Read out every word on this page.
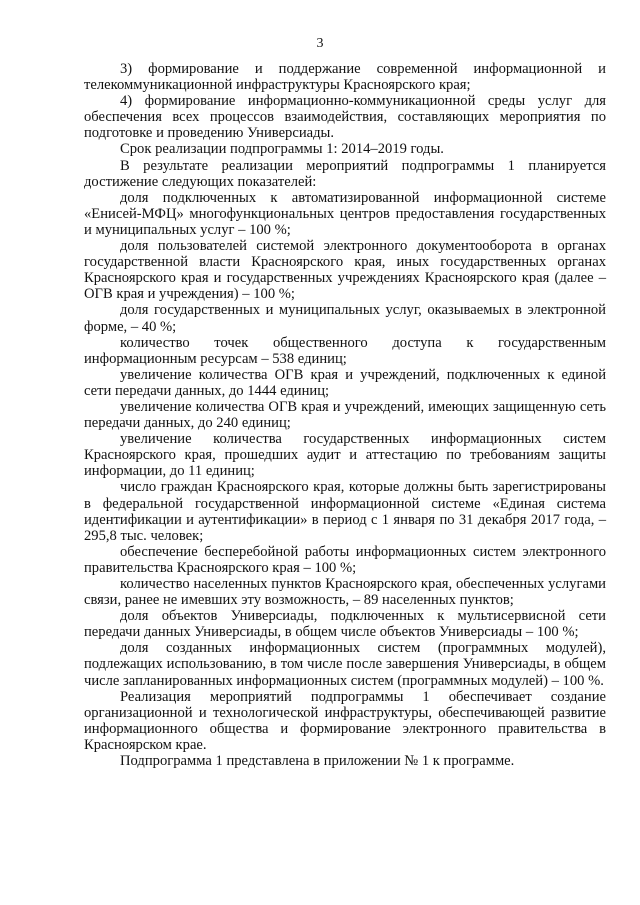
3

3) формирование и поддержание современной информационной и телекоммуникационной инфраструктуры Красноярского края;

4) формирование информационно-коммуникационной среды услуг для обеспечения всех процессов взаимодействия, составляющих мероприятия по подготовке и проведению Универсиады.

Срок реализации подпрограммы 1: 2014–2019 годы.

В результате реализации мероприятий подпрограммы 1 планируется достижение следующих показателей:

доля подключенных к автоматизированной информационной системе «Енисей-МФЦ» многофункциональных центров предоставления государственных и муниципальных услуг – 100 %;

доля пользователей системой электронного документооборота в органах государственной власти Красноярского края, иных государственных органах Красноярского края и государственных учреждениях Красноярского края (далее – ОГВ края и учреждения) – 100 %;

доля государственных и муниципальных услуг, оказываемых в электронной форме, – 40 %;

количество точек общественного доступа к государственным информационным ресурсам – 538 единиц;

увеличение количества ОГВ края и учреждений, подключенных к единой сети передачи данных, до 1444 единиц;

увеличение количества ОГВ края и учреждений, имеющих защищенную сеть передачи данных, до 240 единиц;

увеличение количества государственных информационных систем Красноярского края, прошедших аудит и аттестацию по требованиям защиты информации, до 11 единиц;

число граждан Красноярского края, которые должны быть зарегистрированы в федеральной государственной информационной системе «Единая система идентификации и аутентификации» в период с 1 января по 31 декабря 2017 года, – 295,8 тыс. человек;

обеспечение бесперебойной работы информационных систем электронного правительства Красноярского края – 100 %;

количество населенных пунктов Красноярского края, обеспеченных услугами связи, ранее не имевших эту возможность, – 89 населенных пунктов;

доля объектов Универсиады, подключенных к мультисервисной сети передачи данных Универсиады, в общем числе объектов Универсиады – 100 %;

доля созданных информационных систем (программных модулей), подлежащих использованию, в том числе после завершения Универсиады, в общем числе запланированных информационных систем (программных модулей) – 100 %.

Реализация мероприятий подпрограммы 1 обеспечивает создание организационной и технологической инфраструктуры, обеспечивающей развитие информационного общества и формирование электронного правительства в Красноярском крае.

Подпрограмма 1 представлена в приложении № 1 к программе.
